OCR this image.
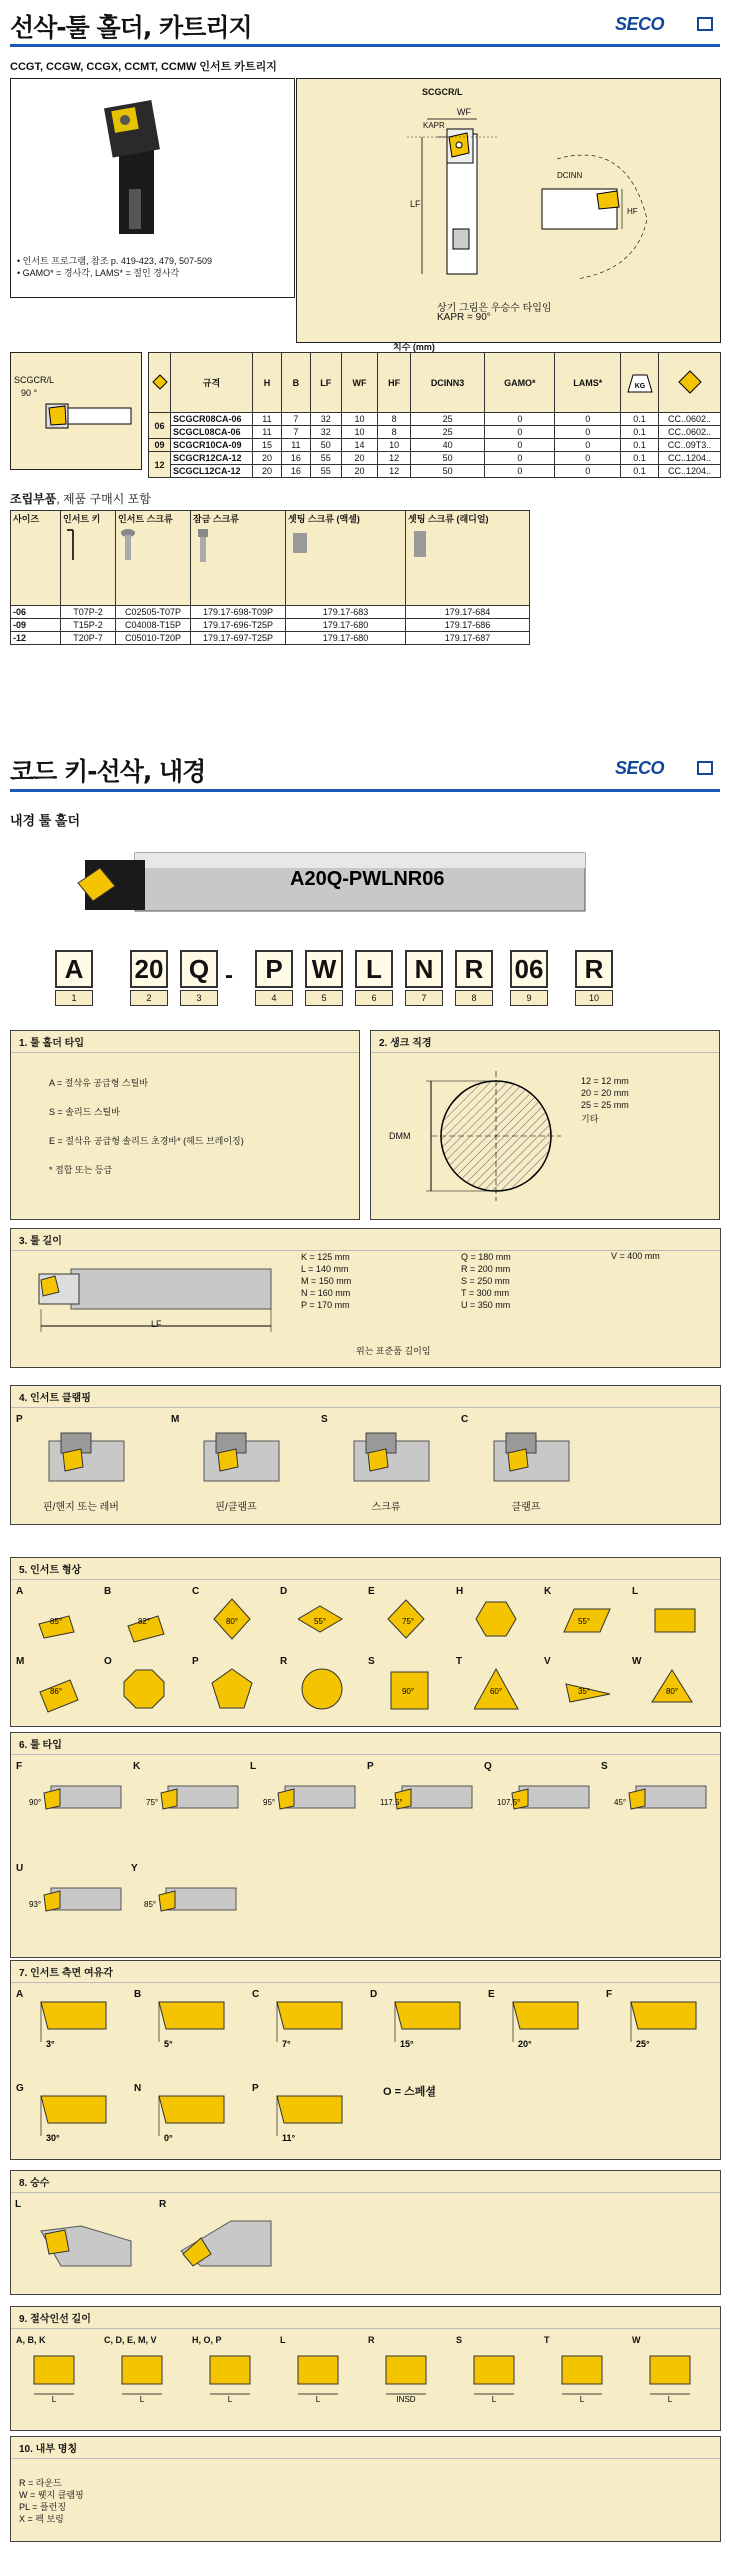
선삭-툴 홀더, 카트리지	SECO
CCGT, CCGW, CCGX, CCMT, CCMW 인서트 카트리지
• 인서트 프로그램, 참조 p. 419-423, 479, 507-509
• GAMO* = 경사각, LAMS* = 절인 경사각
SCGCR/L
WF
KAPR
LF
HF
DCINN
상기 그림은 우승수 타입임
KAPR = 90°
SCGCR/L
90 °
	규격	H	B	LF	WF	HF	DCINN3	GAMO*	LAMS*	KG

06	SCGCR08CA-06	11	7	32	10	8	25	0	0	0.1	CC..0602..
	SCGCL08CA-06	11	7	32	10	8	25	0	0	0.1	CC..0602..
09	SCGCR10CA-09	15	11	50	14	10	40	0	0	0.1	CC..09T3..
12	SCGCR12CA-12	20	16	55	20	12	50	0	0	0.1	CC..1204..
	SCGCL12CA-12	20	16	55	20	12	50	0	0	0.1	CC..1204..
치수 (mm)
조립부품, 제품 구매시 포함
사이즈	인서트 키	인서트 스크류	잠금 스크류	셋팅 스크류 (액셀)	셋팅 스크류 (래디얼)

-06	T07P-2	C02505-T07P	179.17-698-T09P	179.17-683	179.17-684
-09	T15P-2	C04008-T15P	179.17-696-T25P	179.17-680	179.17-686
-12	T20P-7	C05010-T20P	179.17-697-T25P	179.17-680	179.17-687
코드 키-선삭, 내경	SECO
내경 툴 홀더
A20Q-PWLNR06
A
1
20
2
Q
3
P
4
W
5
L
6
N
7
R
8
06
9
R
10
-
1. 툴 홀더 타입
A = 절삭유 공급형 스틸바
S = 솔리드 스틸바
E = 절삭유 공급형 솔리드 초경바* (헤드 브레이징)
* 접합 또는 등급
2. 생크 직경
DMM
12 = 12 mm
20 = 20 mm
25 = 25 mm
기타
3. 툴 길이
LF
K = 125 mm
L = 140 mm
M = 150 mm
N = 160 mm
P = 170 mm
Q = 180 mm
R = 200 mm
S = 250 mm
T = 300 mm
U = 350 mm
V = 400 mm
위는 표준품 길이임
4. 인서트 클램핑
P
핀/핸지 또는 레버
M
핀/클램프
S
스크류
C
클램프
5. 인서트 형상
A
85°
B
82°
C
80°
D
55°
E
75°
H	K
55°
L
M
86°
O	P	R	S
90°
T
60°
V
35°
W
80°
6. 툴 타입
F
90°
K
75°
L
95°
P
117.5°
Q
107.5°
S
45°
U
93°
Y
85°
7. 인서트 측면 여유각
A
3°
B
5°
C
7°
D
15°
E
20°
F
25°
G
30°
N
0°
P
11°
O = 스페셜
8. 승수
L	R
9. 절삭인선 길이
A, B, K
L
C, D, E, M, V
L
H, O, P
L
L
L
R
INSD
S
L
T
L
W
L
10. 내부 명칭
R = 라운드
W = 웻지 클램핑
PL = 플런징
X = 펙 보링
